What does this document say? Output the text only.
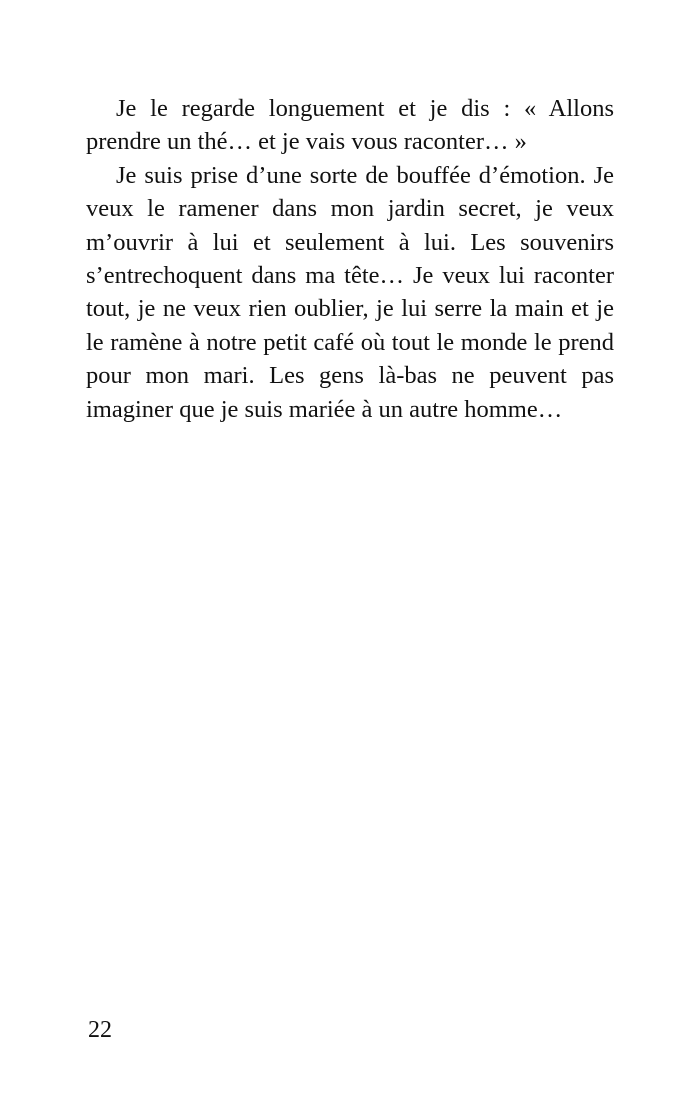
Je le regarde longuement et je dis : « Allons prendre un thé… et je vais vous raconter… »

Je suis prise d’une sorte de bouffée d’émotion. Je veux le ramener dans mon jardin secret, je veux m’ouvrir à lui et seulement à lui. Les souvenirs s’entrechoquent dans ma tête… Je veux lui raconter tout, je ne veux rien oublier, je lui serre la main et je le ramène à notre petit café où tout le monde le prend pour mon mari. Les gens là-bas ne peuvent pas imaginer que je suis mariée à un autre homme…

22
